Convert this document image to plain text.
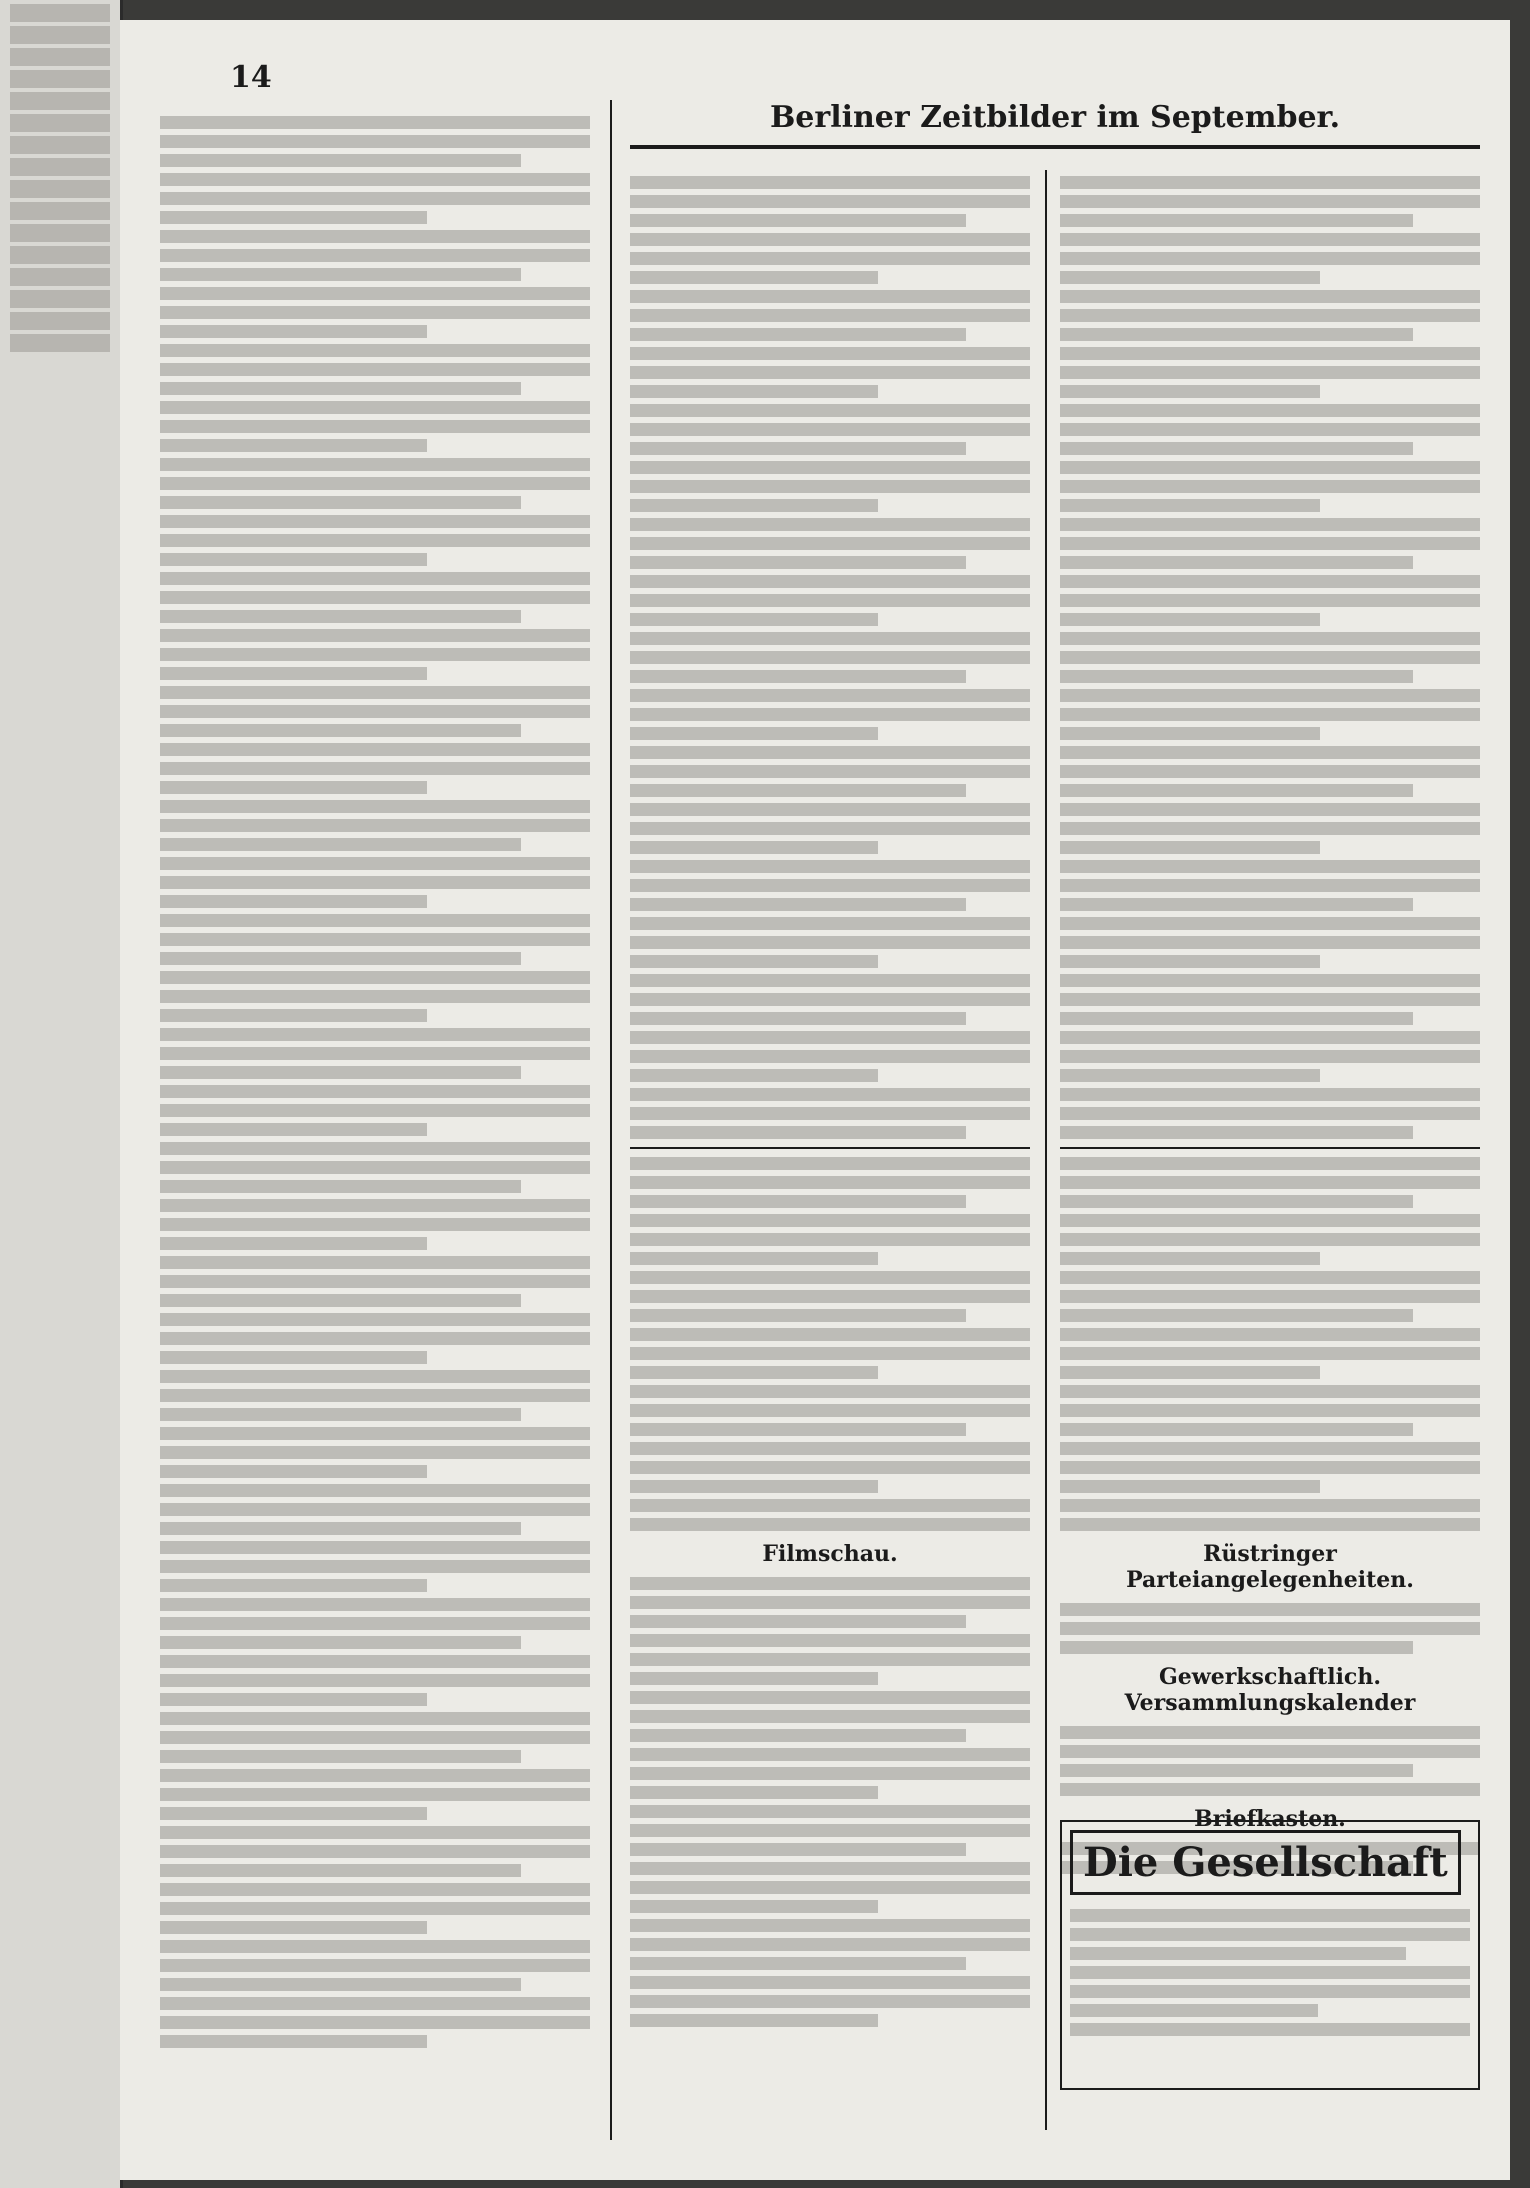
14
Berliner Zeitbilder im September.
Filmschau.	Rüstringer Parteiangelegenheiten.
Gewerkschaftlich. Versammlungskalender
Briefkasten.
Die Gesellschaft
